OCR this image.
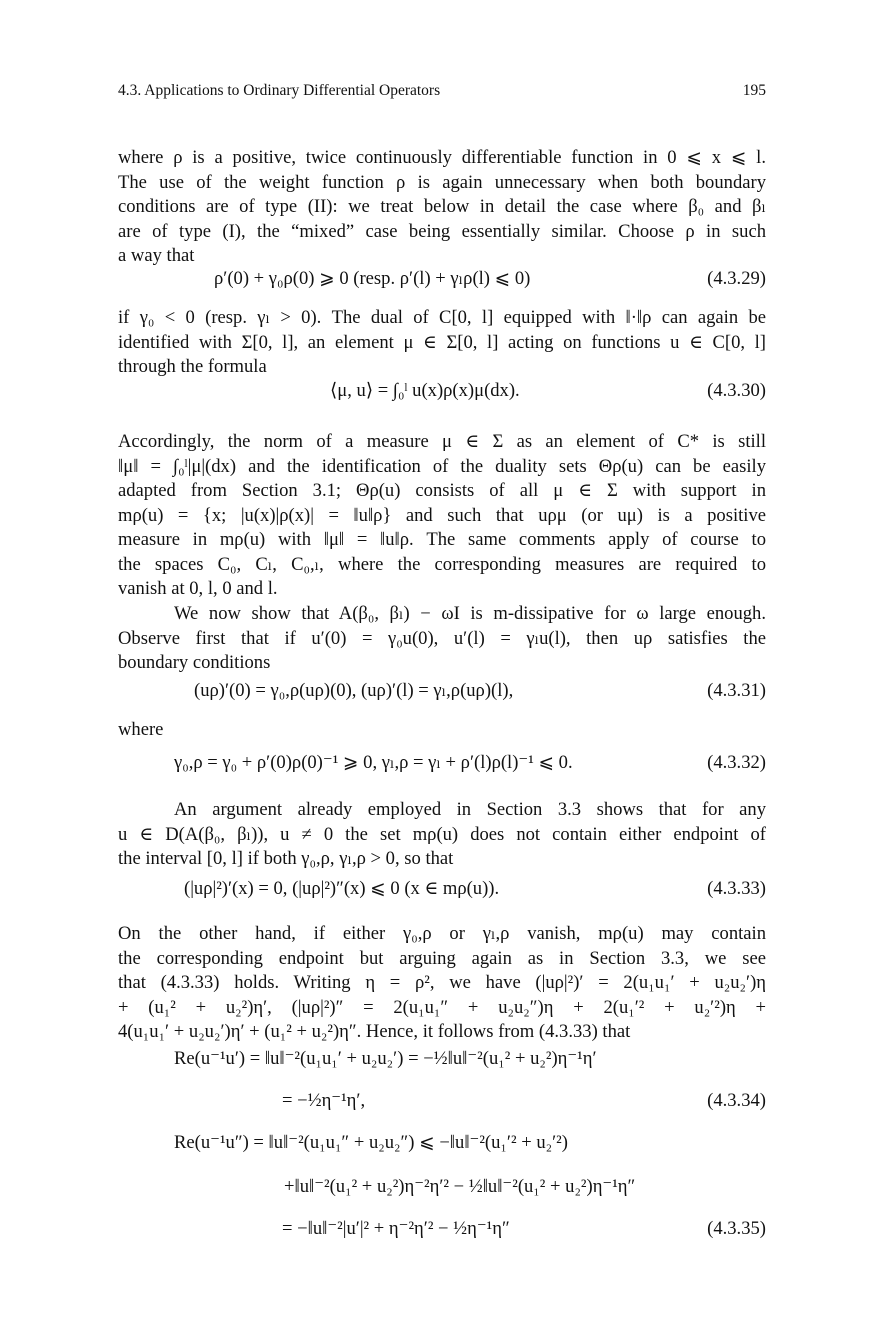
4.3. Applications to Ordinary Differential Operators	195
where ρ is a positive, twice continuously differentiable function in 0 ⩽ x ⩽ l.
The use of the weight function ρ is again unnecessary when both boundary
conditions are of type (II): we treat below in detail the case where β₀ and βₗ
are of type (I), the “mixed” case being essentially similar. Choose ρ in such
a way that
ρ′(0) + γ₀ρ(0) ⩾ 0 (resp. ρ′(l) + γₗρ(l) ⩽ 0)	(4.3.29)
if γ₀ < 0 (resp. γₗ > 0). The dual of C[0, l] equipped with ‖·‖ρ can again be
identified with Σ[0, l], an element μ ∈ Σ[0, l] acting on functions u ∈ C[0, l]
through the formula
⟨μ, u⟩ = ∫₀ˡ u(x)ρ(x)μ(dx).	(4.3.30)
Accordingly, the norm of a measure μ ∈ Σ as an element of C* is still
‖μ‖ = ∫₀ˡ|μ|(dx) and the identification of the duality sets Θρ(u) can be easily
adapted from Section 3.1; Θρ(u) consists of all μ ∈ Σ with support in
mρ(u) = {x; |u(x)|ρ(x)| = ‖u‖ρ} and such that uρμ (or uμ) is a positive
measure in mρ(u) with ‖μ‖ = ‖u‖ρ. The same comments apply of course to
the spaces C₀, Cₗ, C₀,ₗ, where the corresponding measures are required to
vanish at 0, l, 0 and l.
We now show that A(β₀, βₗ) − ωI is m-dissipative for ω large enough.
Observe first that if u′(0) = γ₀u(0), u′(l) = γₗu(l), then uρ satisfies the
boundary conditions
(uρ)′(0) = γ₀,ρ(uρ)(0), (uρ)′(l) = γₗ,ρ(uρ)(l),	(4.3.31)
where
γ₀,ρ = γ₀ + ρ′(0)ρ(0)⁻¹ ⩾ 0, γₗ,ρ = γₗ + ρ′(l)ρ(l)⁻¹ ⩽ 0.	(4.3.32)
An argument already employed in Section 3.3 shows that for any
u ∈ D(A(β₀, βₗ)), u ≠ 0 the set mρ(u) does not contain either endpoint of
the interval [0, l] if both γ₀,ρ, γₗ,ρ > 0, so that
(|uρ|²)′(x) = 0, (|uρ|²)″(x) ⩽ 0 (x ∈ mρ(u)).	(4.3.33)
On the other hand, if either γ₀,ρ or γₗ,ρ vanish, mρ(u) may contain
the corresponding endpoint but arguing again as in Section 3.3, we see
that (4.3.33) holds. Writing η = ρ², we have (|uρ|²)′ = 2(u₁u₁′ + u₂u₂′)η
+ (u₁² + u₂²)η′, (|uρ|²)″ = 2(u₁u₁″ + u₂u₂″)η + 2(u₁′² + u₂′²)η +
4(u₁u₁′ + u₂u₂′)η′ + (u₁² + u₂²)η″. Hence, it follows from (4.3.33) that
Re(u⁻¹u′) = ‖u‖⁻²(u₁u₁′ + u₂u₂′) = −½‖u‖⁻²(u₁² + u₂²)η⁻¹η′
= −½η⁻¹η′,	(4.3.34)
Re(u⁻¹u″) = ‖u‖⁻²(u₁u₁″ + u₂u₂″) ⩽ −‖u‖⁻²(u₁′² + u₂′²)
+‖u‖⁻²(u₁² + u₂²)η⁻²η′² − ½‖u‖⁻²(u₁² + u₂²)η⁻¹η″
= −‖u‖⁻²|u′|² + η⁻²η′² − ½η⁻¹η″	(4.3.35)
